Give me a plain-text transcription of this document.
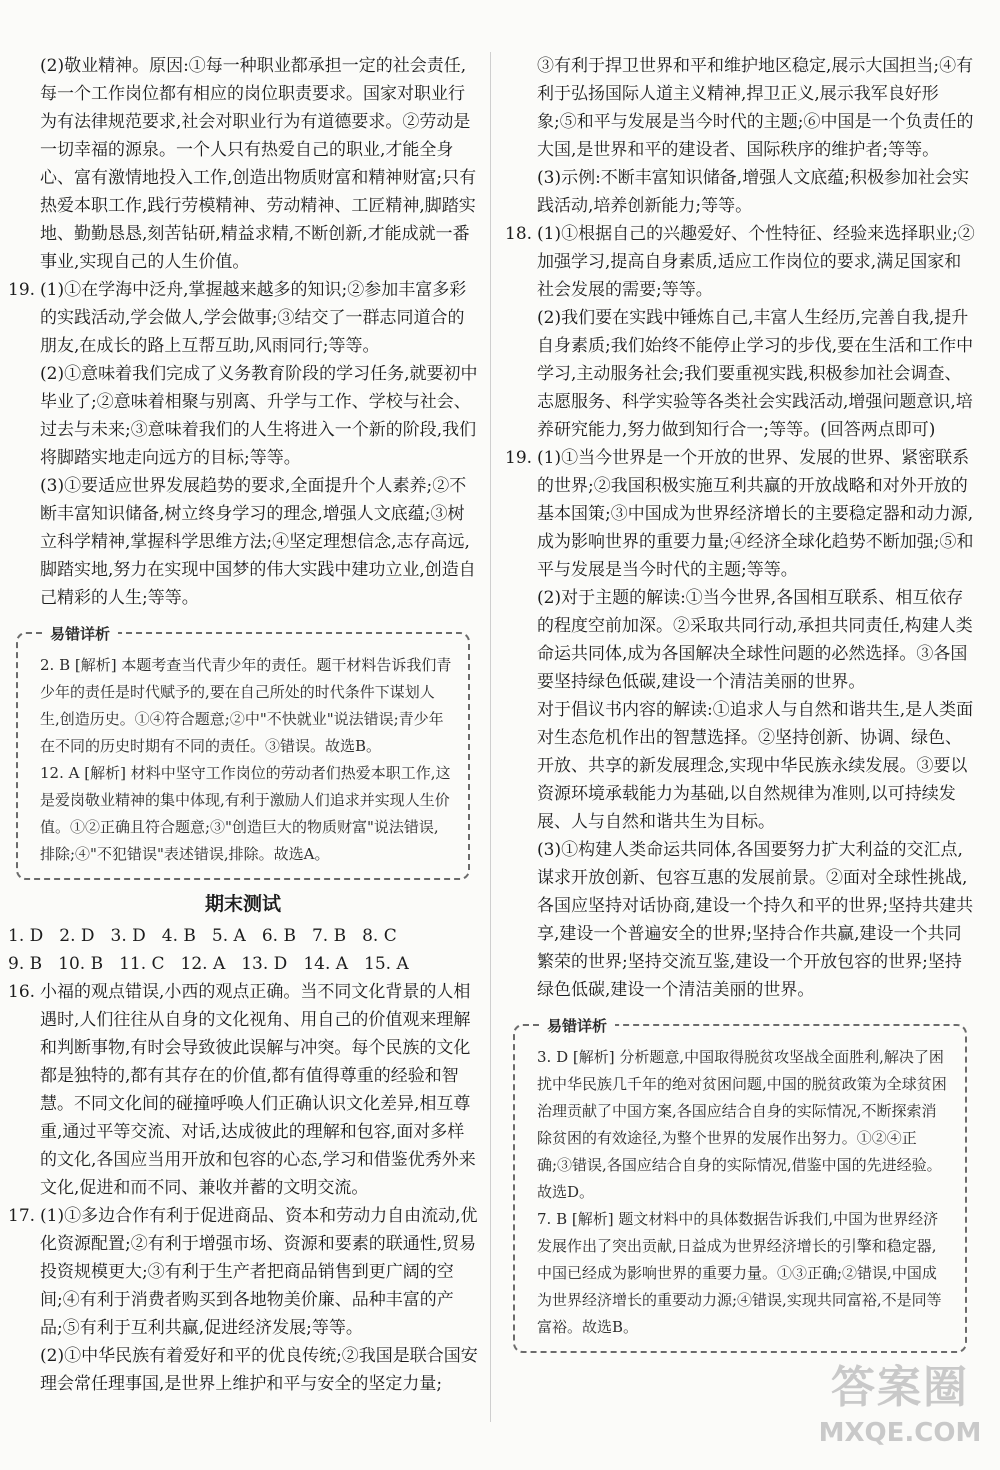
(2)敬业精神。原因:①每一种职业都承担一定的社会责任,每一个工作岗位都有相应的岗位职责要求。国家对职业行为有法律规范要求,社会对职业行为有道德要求。②劳动是一切幸福的源泉。一个人只有热爱自己的职业,才能全身心、富有激情地投入工作,创造出物质财富和精神财富;只有热爱本职工作,践行劳模精神、劳动精神、工匠精神,脚踏实地、勤勤恳恳,刻苦钻研,精益求精,不断创新,才能成就一番事业,实现自己的人生价值。

19. (1)①在学海中泛舟,掌握越来越多的知识;②参加丰富多彩的实践活动,学会做人,学会做事;③结交了一群志同道合的朋友,在成长的路上互帮互助,风雨同行;等等。

(2)①意味着我们完成了义务教育阶段的学习任务,就要初中毕业了;②意味着相聚与别离、升学与工作、学校与社会、过去与未来;③意味着我们的人生将进入一个新的阶段,我们将脚踏实地走向远方的目标;等等。

(3)①要适应世界发展趋势的要求,全面提升个人素养;②不断丰富知识储备,树立终身学习的理念,增强人文底蕴;③树立科学精神,掌握科学思维方法;④坚定理想信念,志存高远,脚踏实地,努力在实现中国梦的伟大实践中建功立业,创造自己精彩的人生;等等。

易错详析

2. B [解析] 本题考查当代青少年的责任。题干材料告诉我们青少年的责任是时代赋予的,要在自己所处的时代条件下谋划人生,创造历史。①④符合题意;②中"不快就业"说法错误;青少年在不同的历史时期有不同的责任。③错误。故选B。

12. A [解析] 材料中坚守工作岗位的劳动者们热爱本职工作,这是爱岗敬业精神的集中体现,有利于激励人们追求并实现人生价值。①②正确且符合题意;③"创造巨大的物质财富"说法错误,排除;④"不犯错误"表述错误,排除。故选A。

期末测试
1. D 2. D 3. D 4. B 5. A 6. B 7. B 8. C
9. B 10. B 11. C 12. A 13. D 14. A 15. A
16. 小福的观点错误,小西的观点正确。当不同文化背景的人相遇时,人们往往从自身的文化视角、用自己的价值观来理解和判断事物,有时会导致彼此误解与冲突。每个民族的文化都是独特的,都有其存在的价值,都有值得尊重的经验和智慧。不同文化间的碰撞呼唤人们正确认识文化差异,相互尊重,通过平等交流、对话,达成彼此的理解和包容,面对多样的文化,各国应当用开放和包容的心态,学习和借鉴优秀外来文化,促进和而不同、兼收并蓄的文明交流。

17. (1)①多边合作有利于促进商品、资本和劳动力自由流动,优化资源配置;②有利于增强市场、资源和要素的联通性,贸易投资规模更大;③有利于生产者把商品销售到更广阔的空间;④有利于消费者购买到各地物美价廉、品种丰富的产品;⑤有利于互利共赢,促进经济发展;等等。

(2)①中华民族有着爱好和平的优良传统;②我国是联合国安理会常任理事国,是世界上维护和平与安全的坚定力量;

③有利于捍卫世界和平和维护地区稳定,展示大国担当;④有利于弘扬国际人道主义精神,捍卫正义,展示我军良好形象;⑤和平与发展是当今时代的主题;⑥中国是一个负责任的大国,是世界和平的建设者、国际秩序的维护者;等等。

(3)示例:不断丰富知识储备,增强人文底蕴;积极参加社会实践活动,培养创新能力;等等。

18. (1)①根据自己的兴趣爱好、个性特征、经验来选择职业;②加强学习,提高自身素质,适应工作岗位的要求,满足国家和社会发展的需要;等等。

(2)我们要在实践中锤炼自己,丰富人生经历,完善自我,提升自身素质;我们始终不能停止学习的步伐,要在生活和工作中学习,主动服务社会;我们要重视实践,积极参加社会调查、志愿服务、科学实验等各类社会实践活动,增强问题意识,培养研究能力,努力做到知行合一;等等。(回答两点即可)

19. (1)①当今世界是一个开放的世界、发展的世界、紧密联系的世界;②我国积极实施互利共赢的开放战略和对外开放的基本国策;③中国成为世界经济增长的主要稳定器和动力源,成为影响世界的重要力量;④经济全球化趋势不断加强;⑤和平与发展是当今时代的主题;等等。

(2)对于主题的解读:①当今世界,各国相互联系、相互依存的程度空前加深。②采取共同行动,承担共同责任,构建人类命运共同体,成为各国解决全球性问题的必然选择。③各国要坚持绿色低碳,建设一个清洁美丽的世界。

对于倡议书内容的解读:①追求人与自然和谐共生,是人类面对生态危机作出的智慧选择。②坚持创新、协调、绿色、开放、共享的新发展理念,实现中华民族永续发展。③要以资源环境承载能力为基础,以自然规律为准则,以可持续发展、人与自然和谐共生为目标。

(3)①构建人类命运共同体,各国要努力扩大利益的交汇点,谋求开放创新、包容互惠的发展前景。②面对全球性挑战,各国应坚持对话协商,建设一个持久和平的世界;坚持共建共享,建设一个普遍安全的世界;坚持合作共赢,建设一个共同繁荣的世界;坚持交流互鉴,建设一个开放包容的世界;坚持绿色低碳,建设一个清洁美丽的世界。

易错详析

3. D [解析] 分析题意,中国取得脱贫攻坚战全面胜利,解决了困扰中华民族几千年的绝对贫困问题,中国的脱贫政策为全球贫困治理贡献了中国方案,各国应结合自身的实际情况,不断探索消除贫困的有效途径,为整个世界的发展作出努力。①②④正确;③错误,各国应结合自身的实际情况,借鉴中国的先进经验。故选D。

7. B [解析] 题文材料中的具体数据告诉我们,中国为世界经济发展作出了突出贡献,日益成为世界经济增长的引擎和稳定器,中国已经成为影响世界的重要力量。①③正确;②错误,中国成为世界经济增长的重要动力源;④错误,实现共同富裕,不是同等富裕。故选B。

答案圈
MXQE.COM
